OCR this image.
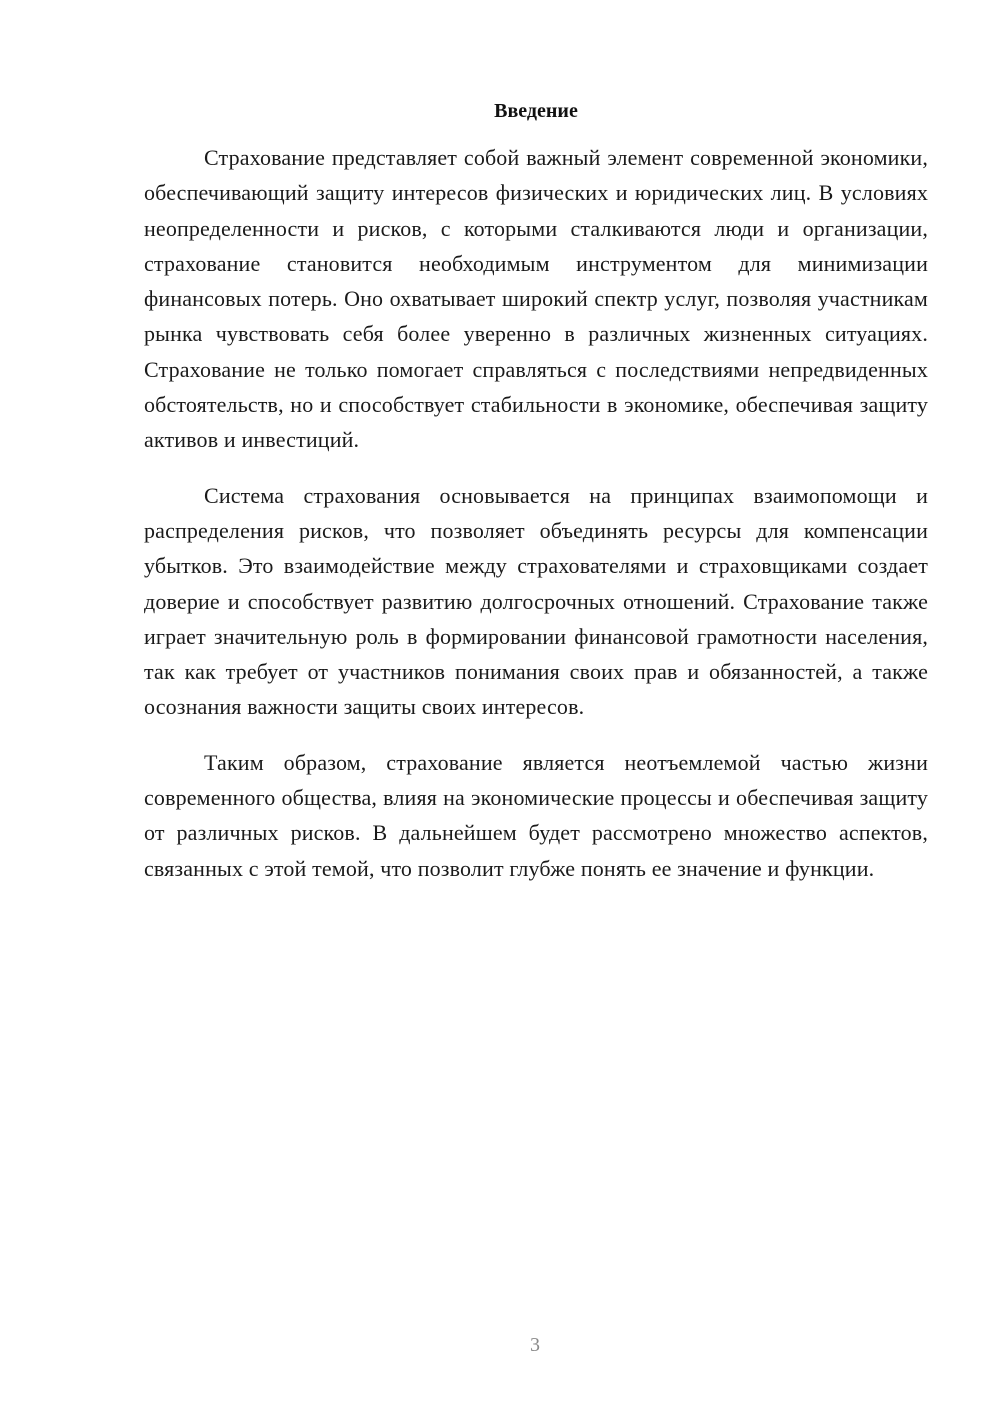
Введение

Страхование представляет собой важный элемент современной экономики, обеспечивающий защиту интересов физических и юридических лиц. В условиях неопределенности и рисков, с которыми сталкиваются люди и организации, страхование становится необходимым инструментом для минимизации финансовых потерь. Оно охватывает широкий спектр услуг, позволяя участникам рынка чувствовать себя более уверенно в различных жизненных ситуациях. Страхование не только помогает справляться с последствиями непредвиденных обстоятельств, но и способствует стабильности в экономике, обеспечивая защиту активов и инвестиций.

Система страхования основывается на принципах взаимопомощи и распределения рисков, что позволяет объединять ресурсы для компенсации убытков. Это взаимодействие между страхователями и страховщиками создает доверие и способствует развитию долгосрочных отношений. Страхование также играет значительную роль в формировании финансовой грамотности населения, так как требует от участников понимания своих прав и обязанностей, а также осознания важности защиты своих интересов.

Таким образом, страхование является неотъемлемой частью жизни современного общества, влияя на экономические процессы и обеспечивая защиту от различных рисков. В дальнейшем будет рассмотрено множество аспектов, связанных с этой темой, что позволит глубже понять ее значение и функции.

3
